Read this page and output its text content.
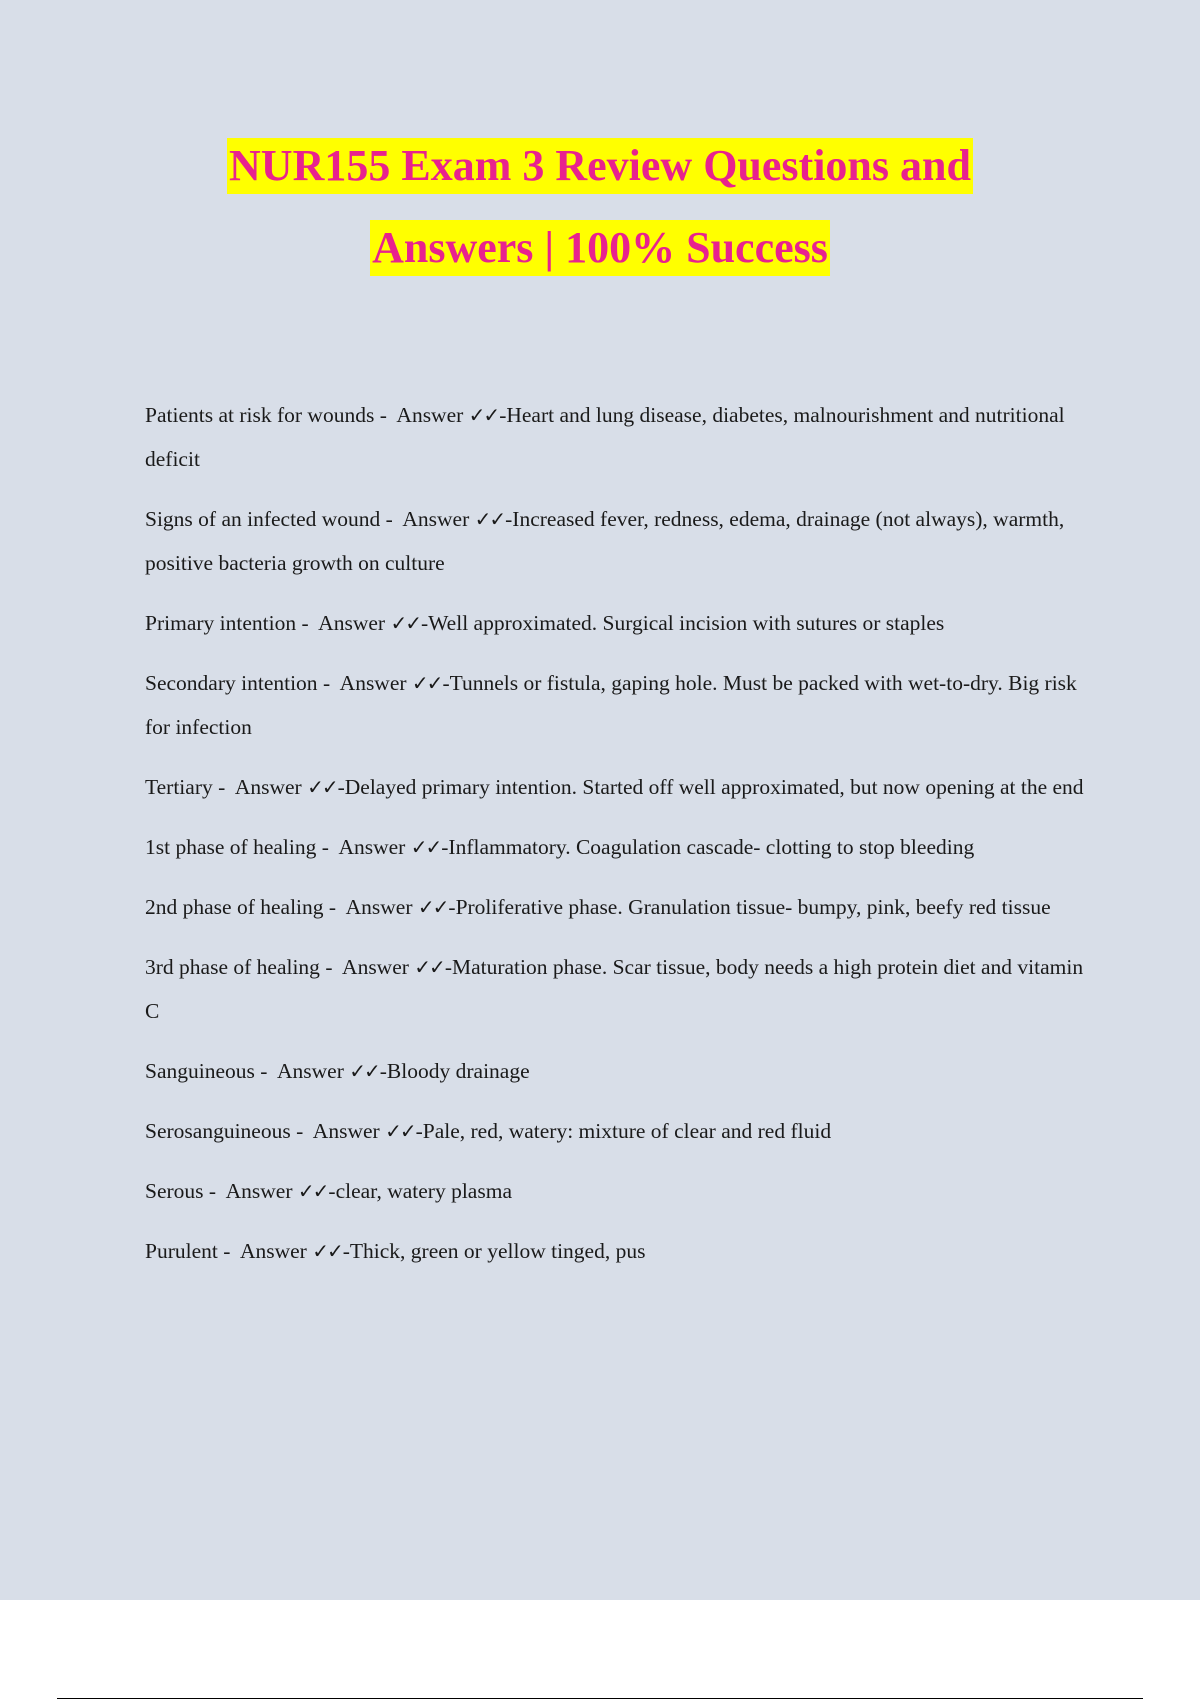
NUR155 Exam 3 Review Questions and
Answers | 100% Success
Patients at risk for wounds -  Answer ✓✓-Heart and lung disease, diabetes, malnourishment and nutritional deficit
Signs of an infected wound -  Answer ✓✓-Increased fever, redness, edema, drainage (not always), warmth, positive bacteria growth on culture
Primary intention -  Answer ✓✓-Well approximated. Surgical incision with sutures or staples
Secondary intention -  Answer ✓✓-Tunnels or fistula, gaping hole. Must be packed with wet-to-dry. Big risk for infection
Tertiary -  Answer ✓✓-Delayed primary intention. Started off well approximated, but now opening at the end
1st phase of healing -  Answer ✓✓-Inflammatory. Coagulation cascade- clotting to stop bleeding
2nd phase of healing -  Answer ✓✓-Proliferative phase. Granulation tissue- bumpy, pink, beefy red tissue
3rd phase of healing -  Answer ✓✓-Maturation phase. Scar tissue, body needs a high protein diet and vitamin C
Sanguineous -  Answer ✓✓-Bloody drainage
Serosanguineous -  Answer ✓✓-Pale, red, watery: mixture of clear and red fluid
Serous -  Answer ✓✓-clear, watery plasma
Purulent -  Answer ✓✓-Thick, green or yellow tinged, pus
